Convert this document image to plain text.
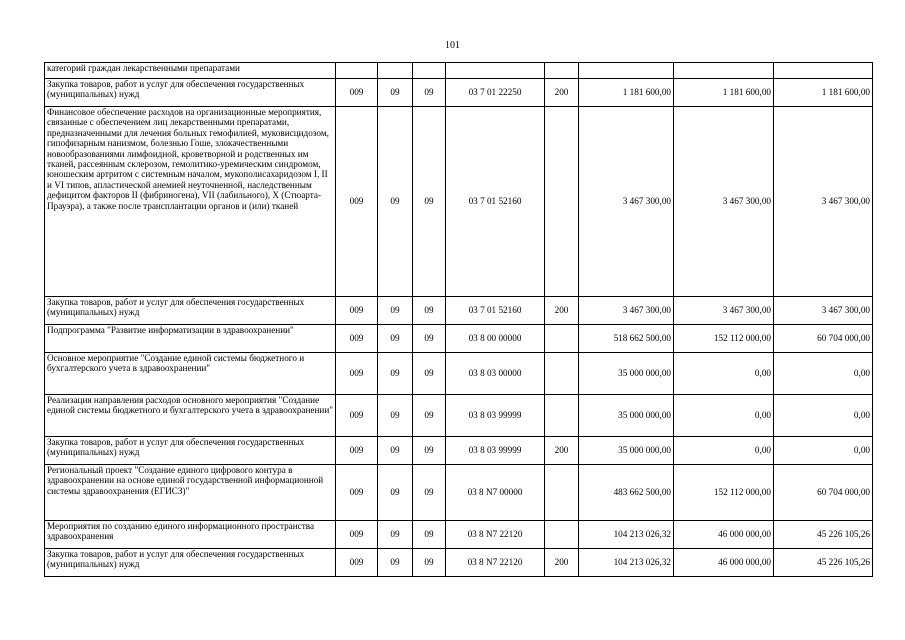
101
категорий граждан лекарственными препаратами								
Закупка товаров, работ и услуг для обеспечения государственных (муниципальных) нужд	009	09	09	03 7 01 22250	200	1 181 600,00	1 181 600,00	1 181 600,00
Финансовое обеспечение расходов на организационные мероприятия, связанные с обеспечением лиц лекарственными препаратами, предназначенными для лечения больных гемофилией, муковисцидозом, гипофизарным нанизмом, болезнью Гоше, злокачественными новообразованиями лимфоидной, кроветворной и родственных им тканей, рассеянным склерозом, гемолитико-уремическим синдромом, юношеским артритом с системным началом, мукополисахаридозом I, II и VI типов, апластической анемией неуточненной, наследственным дефицитом факторов II (фибриногена), VII (лабильного), X (Стюарта-Прауэра), а также после трансплантации органов и (или) тканей	009	09	09	03 7 01 52160		3 467 300,00	3 467 300,00	3 467 300,00
Закупка товаров, работ и услуг для обеспечения государственных (муниципальных) нужд	009	09	09	03 7 01 52160	200	3 467 300,00	3 467 300,00	3 467 300,00
Подпрограмма "Развитие информатизации в здравоохранении"	009	09	09	03 8 00 00000		518 662 500,00	152 112 000,00	60 704 000,00
Основное мероприятие "Создание единой системы бюджетного и бухгалтерского учета в здравоохранении"	009	09	09	03 8 03 00000		35 000 000,00	0,00	0,00
Реализация направления расходов основного мероприятия "Создание единой системы бюджетного и бухгалтерского учета в здравоохранении"	009	09	09	03 8 03 99999		35 000 000,00	0,00	0,00
Закупка товаров, работ и услуг для обеспечения государственных (муниципальных) нужд	009	09	09	03 8 03 99999	200	35 000 000,00	0,00	0,00
Региональный проект "Создание единого цифрового контура в здравоохранении на основе единой государственной информационной системы здравоохранения (ЕГИСЗ)"	009	09	09	03 8 N7 00000		483 662 500,00	152 112 000,00	60 704 000,00
Мероприятия по созданию единого информационного пространства здравоохранения	009	09	09	03 8 N7 22120		104 213 026,32	46 000 000,00	45 226 105,26
Закупка товаров, работ и услуг для обеспечения государственных (муниципальных) нужд	009	09	09	03 8 N7 22120	200	104 213 026,32	46 000 000,00	45 226 105,26
